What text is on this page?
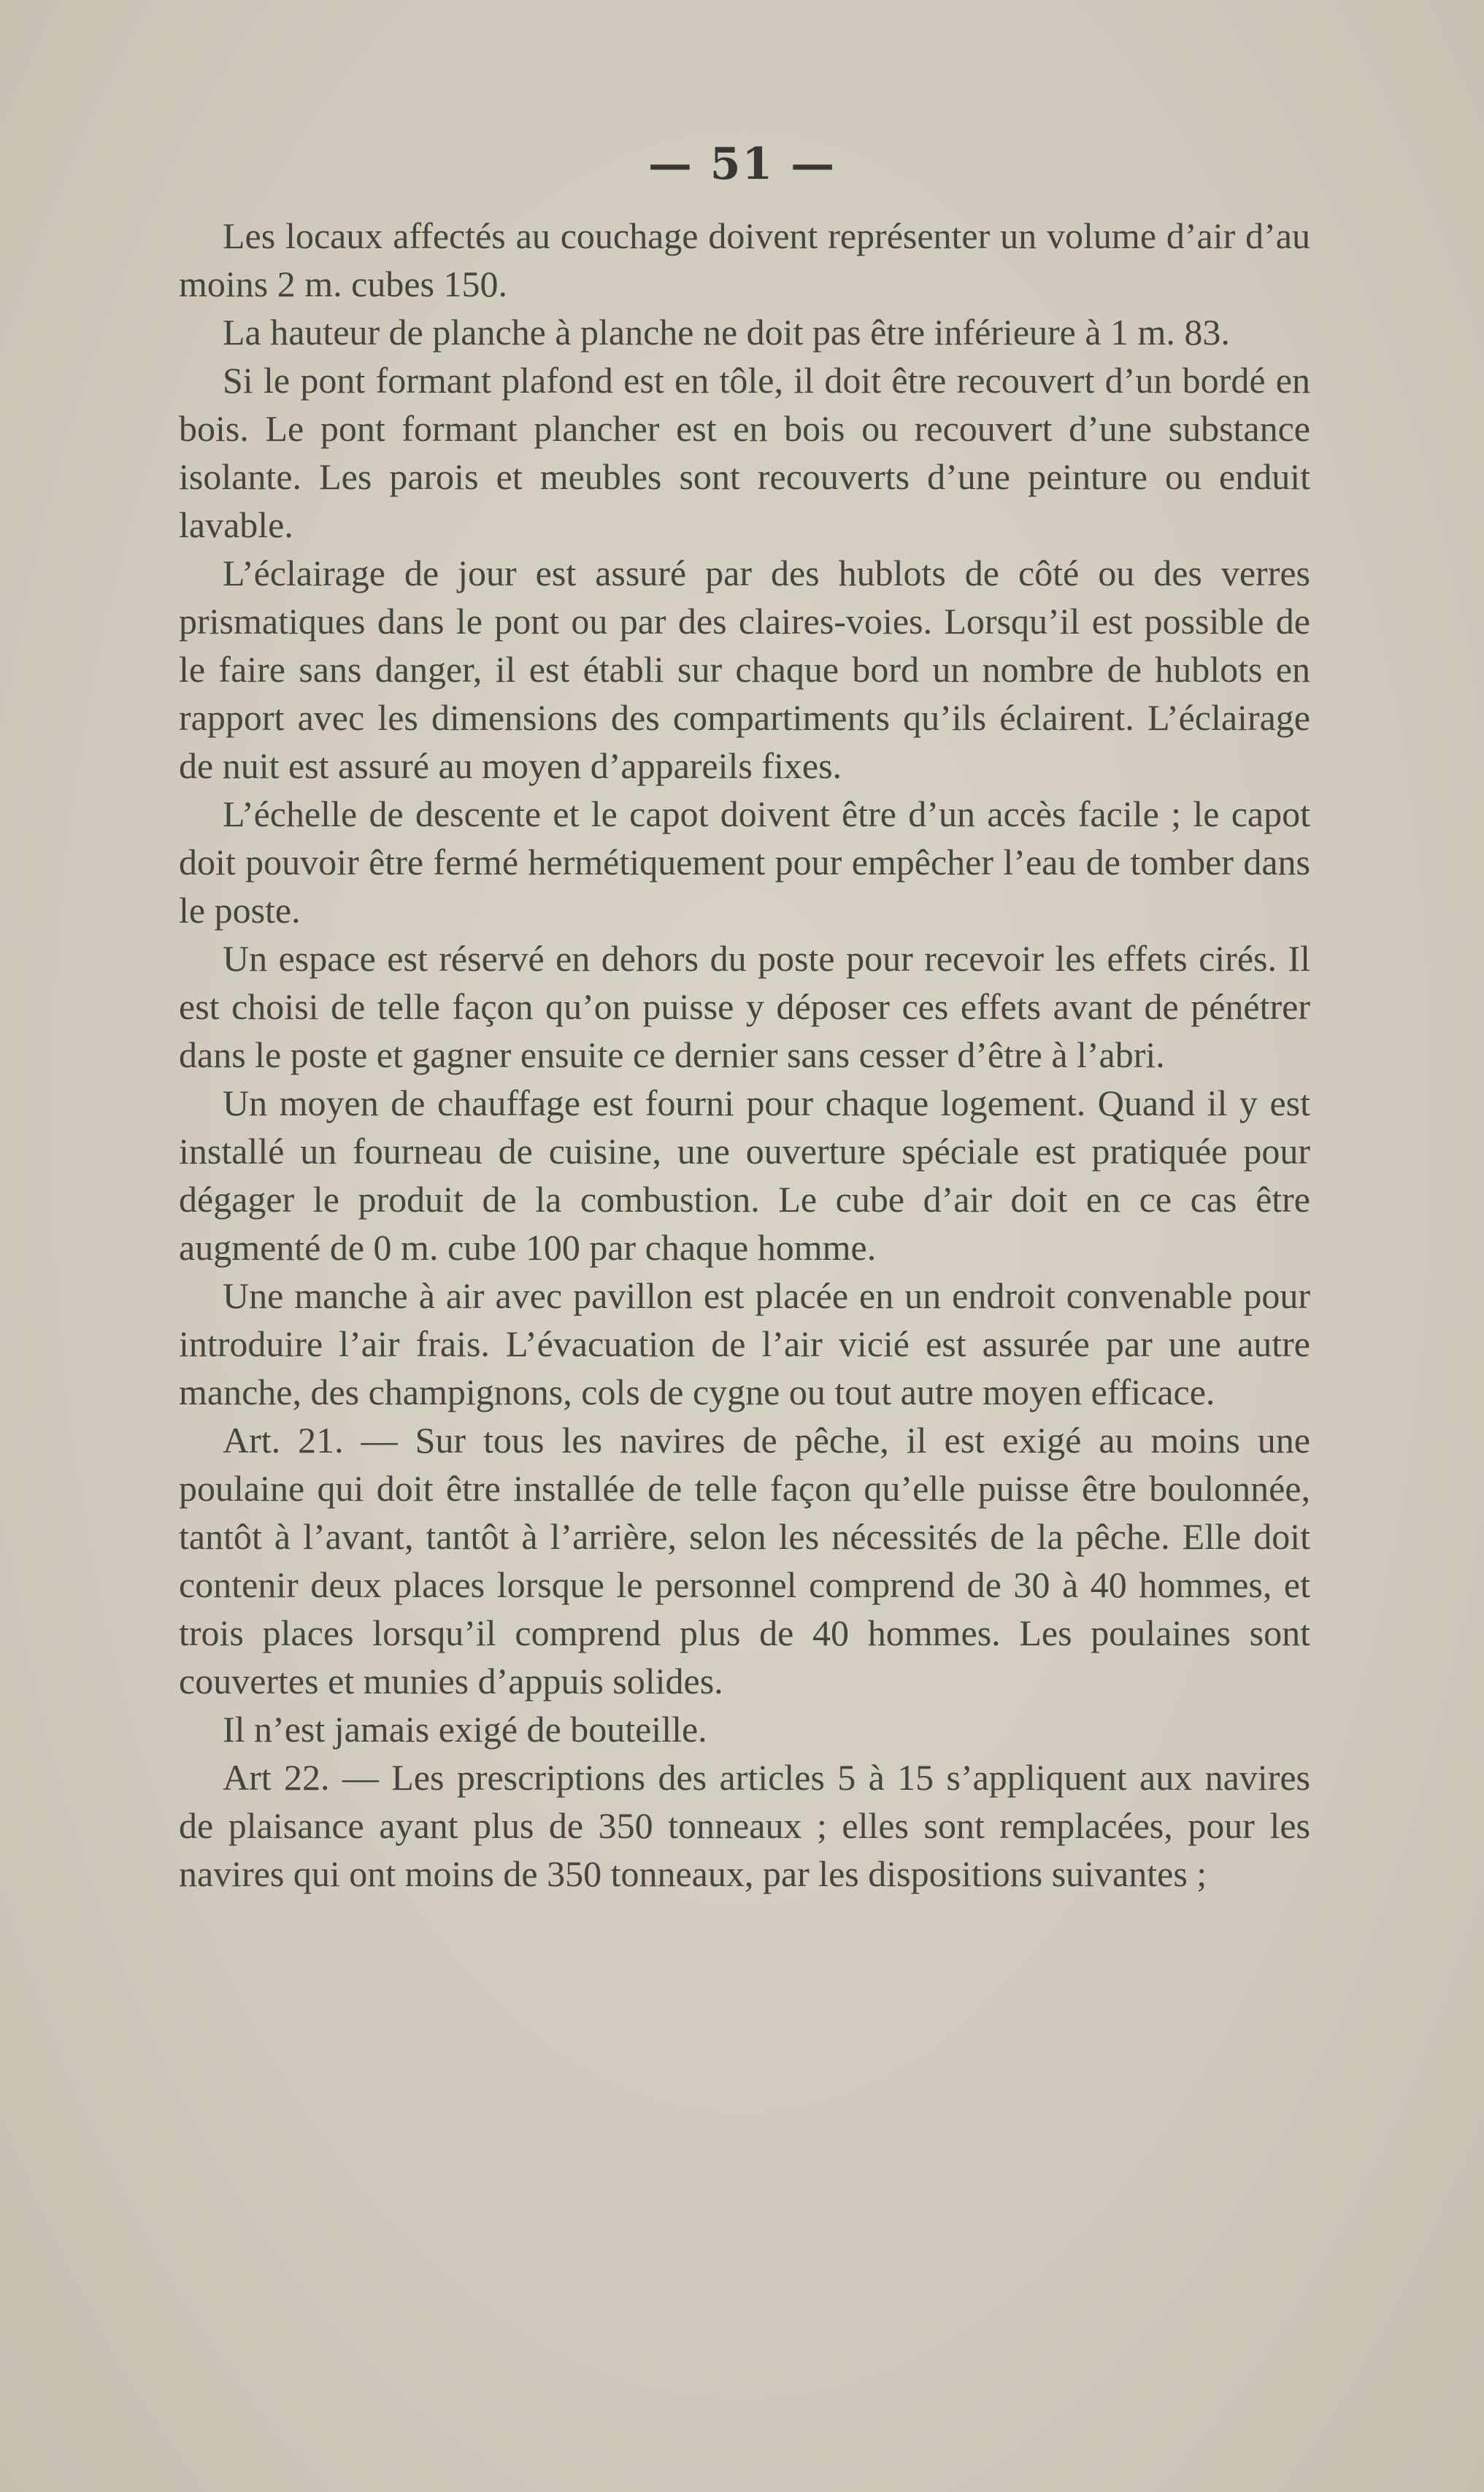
— 51 —

Les locaux affectés au couchage doivent représenter un volume d’air d’au moins 2 m. cubes 150.

La hauteur de planche à planche ne doit pas être inférieure à 1 m. 83.

Si le pont formant plafond est en tôle, il doit être recouvert d’un bordé en bois. Le pont formant plancher est en bois ou recouvert d’une substance isolante. Les parois et meubles sont recouverts d’une peinture ou enduit lavable.

L’éclairage de jour est assuré par des hublots de côté ou des verres prismatiques dans le pont ou par des claires-voies. Lorsqu’il est possible de le faire sans danger, il est établi sur chaque bord un nombre de hublots en rapport avec les dimensions des compartiments qu’ils éclairent. L’éclairage de nuit est assuré au moyen d’appareils fixes.

L’échelle de descente et le capot doivent être d’un accès facile ; le capot doit pouvoir être fermé hermétiquement pour empêcher l’eau de tomber dans le poste.

Un espace est réservé en dehors du poste pour recevoir les effets cirés. Il est choisi de telle façon qu’on puisse y déposer ces effets avant de pénétrer dans le poste et gagner ensuite ce dernier sans cesser d’être à l’abri.

Un moyen de chauffage est fourni pour chaque logement. Quand il y est installé un fourneau de cuisine, une ouverture spéciale est pratiquée pour dégager le produit de la combustion. Le cube d’air doit en ce cas être augmenté de 0 m. cube 100 par chaque homme.

Une manche à air avec pavillon est placée en un endroit convenable pour introduire l’air frais. L’évacuation de l’air vicié est assurée par une autre manche, des champignons, cols de cygne ou tout autre moyen efficace.

Art. 21. — Sur tous les navires de pêche, il est exigé au moins une poulaine qui doit être installée de telle façon qu’elle puisse être boulonnée, tantôt à l’avant, tantôt à l’arrière, selon les nécessités de la pêche. Elle doit contenir deux places lorsque le personnel comprend de 30 à 40 hommes, et trois places lorsqu’il comprend plus de 40 hommes. Les poulaines sont couvertes et munies d’appuis solides.

Il n’est jamais exigé de bouteille.

Art 22. — Les prescriptions des articles 5 à 15 s’appliquent aux navires de plaisance ayant plus de 350 tonneaux ; elles sont remplacées, pour les navires qui ont moins de 350 tonneaux, par les dispositions suivantes ;
